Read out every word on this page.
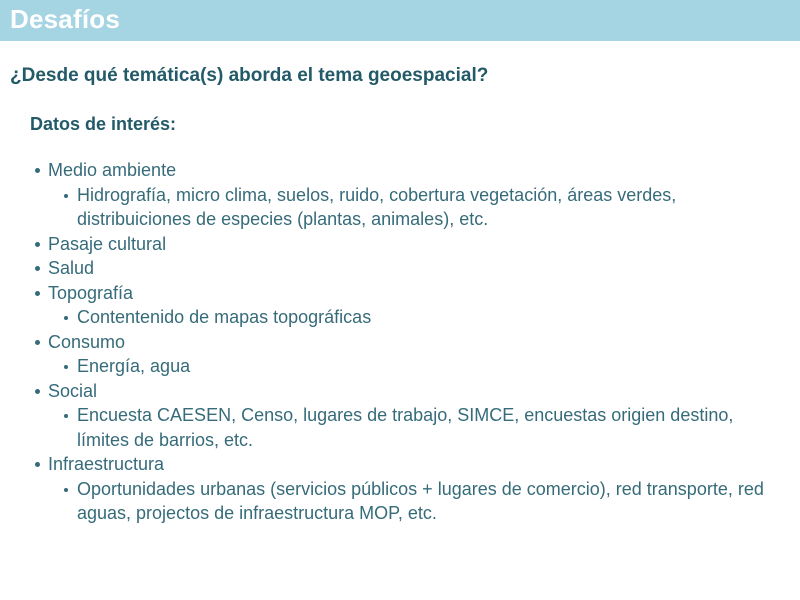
Desafíos
¿Desde qué temática(s) aborda el tema geoespacial?
Datos de interés:
Medio ambiente
Hidrografía, micro clima, suelos, ruido, cobertura vegetación, áreas verdes, distribuiciones de especies (plantas, animales), etc.
Pasaje cultural
Salud
Topografía
Contentenido de mapas topográficas
Consumo
Energía, agua
Social
Encuesta CAESEN, Censo, lugares de trabajo, SIMCE, encuestas origien destino, límites de barrios, etc.
Infraestructura
Oportunidades urbanas (servicios públicos + lugares de comercio), red transporte, red aguas, projectos de infraestructura MOP, etc.
